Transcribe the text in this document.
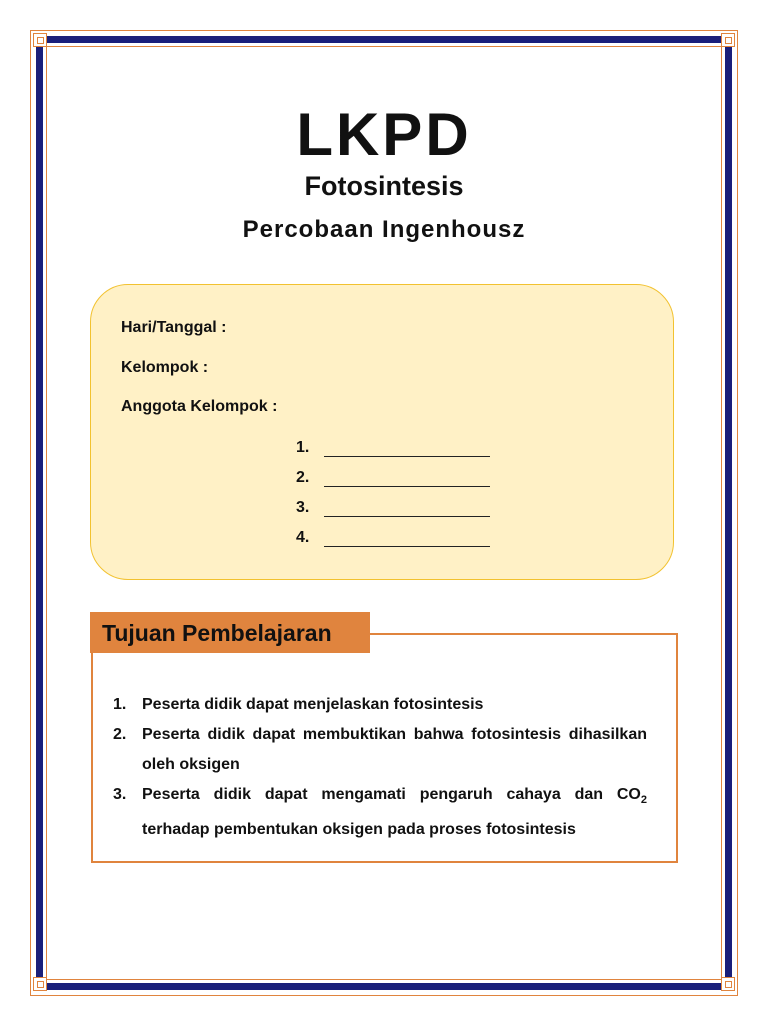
LKPD
Fotosintesis
Percobaan Ingenhousz
Hari/Tanggal :
Kelompok :
Anggota Kelompok :
1.
2.
3.
4.
Tujuan Pembelajaran
1. Peserta didik dapat menjelaskan fotosintesis
2. Peserta didik dapat membuktikan bahwa fotosintesis dihasilkan oleh oksigen
3. Peserta didik dapat mengamati pengaruh cahaya dan $CO_2$ terhadap pembentukan oksigen pada proses fotosintesis
